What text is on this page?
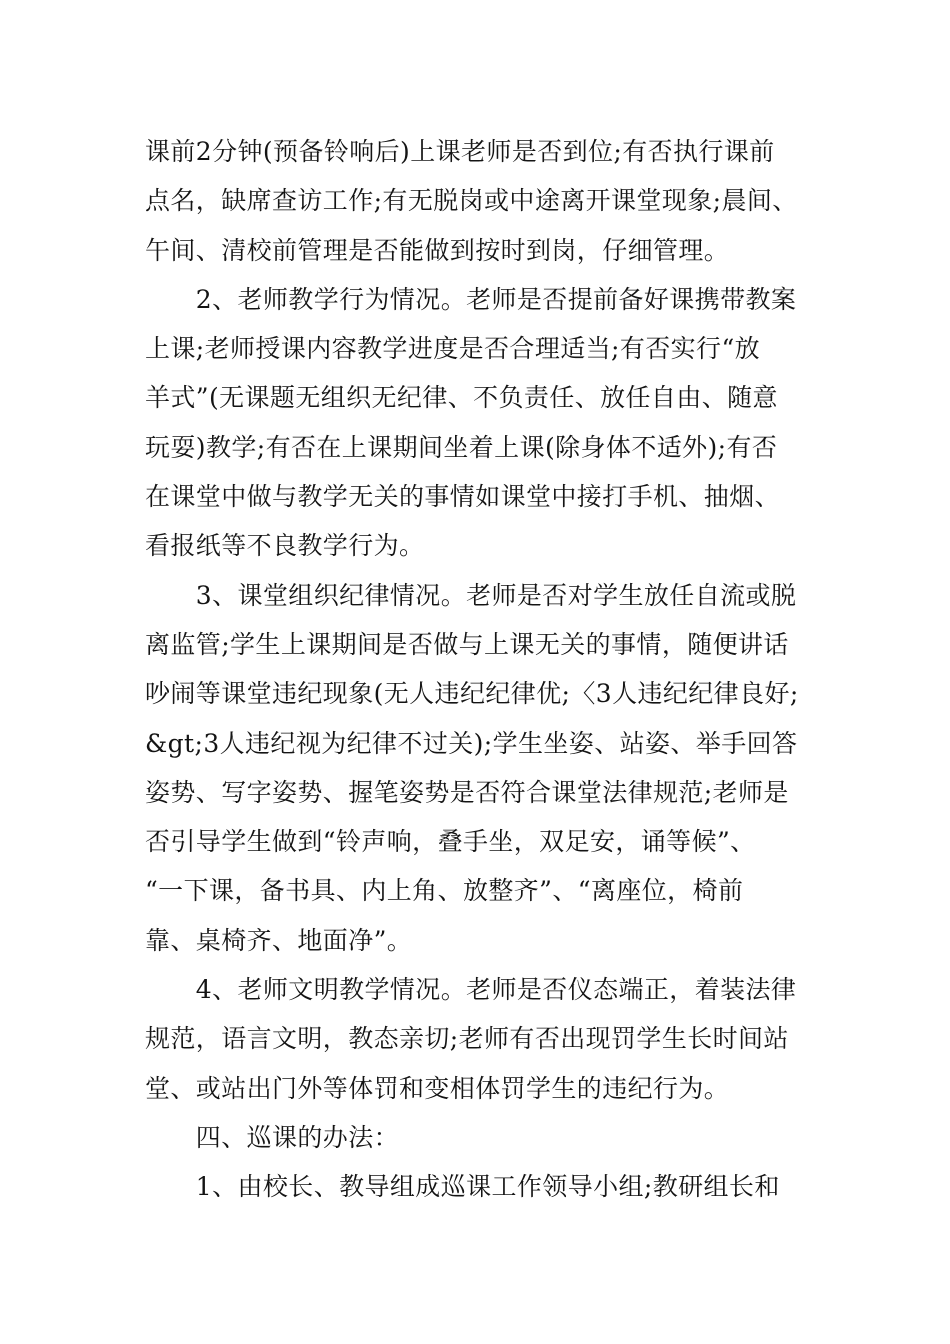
课前2分钟(预备铃响后)上课老师是否到位;有否执行课前
点名，缺席查访工作;有无脱岗或中途离开课堂现象;晨间、
午间、清校前管理是否能做到按时到岗，仔细管理。
　　2、老师教学行为情况。老师是否提前备好课携带教案
上课;老师授课内容教学进度是否合理适当;有否实行“放
羊式”(无课题无组织无纪律、不负责任、放任自由、随意
玩耍)教学;有否在上课期间坐着上课(除身体不适外);有否
在课堂中做与教学无关的事情如课堂中接打手机、抽烟、
看报纸等不良教学行为。
　　3、课堂组织纪律情况。老师是否对学生放任自流或脱
离监管;学生上课期间是否做与上课无关的事情，随便讲话
吵闹等课堂违纪现象(无人违纪纪律优;〈3人违纪纪律良好;
&gt;3人违纪视为纪律不过关);学生坐姿、站姿、举手回答
姿势、写字姿势、握笔姿势是否符合课堂法律规范;老师是
否引导学生做到“铃声响，叠手坐，双足安，诵等候”、
“一下课，备书具、内上角、放整齐”、“离座位，椅前
靠、桌椅齐、地面净”。
　　4、老师文明教学情况。老师是否仪态端正，着装法律
规范，语言文明，教态亲切;老师有否出现罚学生长时间站
堂、或站出门外等体罚和变相体罚学生的违纪行为。
　　四、巡课的办法：
　　1、由校长、教导组成巡课工作领导小组;教研组长和
